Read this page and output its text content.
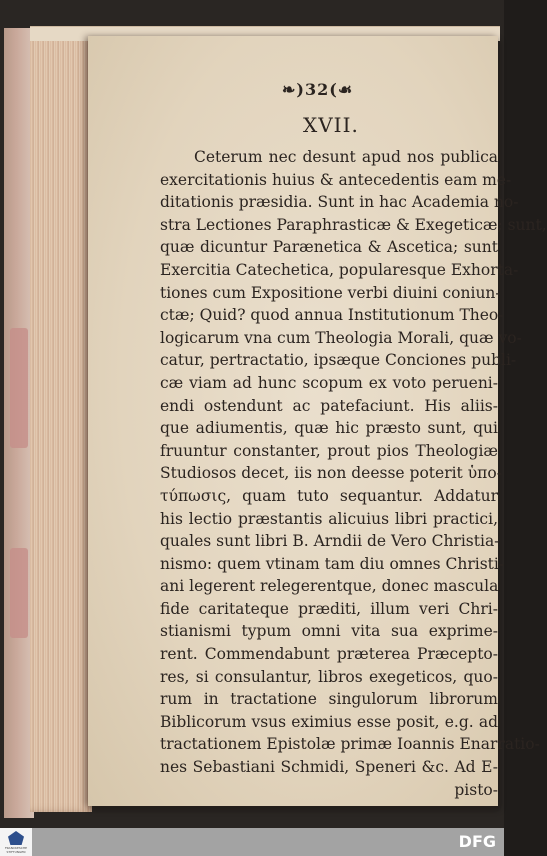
❧)32(☙
XVII.
Ceterum nec desunt apud nos publica
exercitationis huius & antecedentis eam me-
ditationis præsidia. Sunt in hac Academia no-
stra Lectiones Paraphrasticæ & Exegeticæ; sunt,
quæ dicuntur Parænetica & Ascetica; sunt
Exercitia Catechetica, popularesque Exhorta-
tiones cum Expositione verbi diuini coniun-
ctæ; Quid? quod annua Institutionum Theo-
logicarum vna cum Theologia Morali, quæ vo-
catur, pertractatio, ipsæque Conciones publi-
cæ viam ad hunc scopum ex voto perueni-
endi ostendunt ac patefaciunt. His aliis-
que adiumentis, quæ hic præsto sunt, qui
fruuntur constanter, prout pios Theologiæ
Studiosos decet, iis non deesse poterit ὑπο-
τύπωσις, quam tuto sequantur. Addatur
his lectio præstantis alicuius libri practici,
quales sunt libri B. Arndii de Vero Christia-
nismo: quem vtinam tam diu omnes Christi-
ani legerent relegerentque, donec mascula
fide caritateque præditi, illum veri Chri-
stianismi typum omni vita sua exprime-
rent. Commendabunt præterea Præcepto-
res, si consulantur, libros exegeticos, quo-
rum in tractatione singulorum librorum
Biblicorum vsus eximius esse posit, e.g. ad
tractationem Epistolæ primæ Ioannis Enarratio-
nes Sebastiani Schmidi, Speneri &c. Ad E-
pisto-
FRANCKESCHE STIFTUNGEN
DFG
